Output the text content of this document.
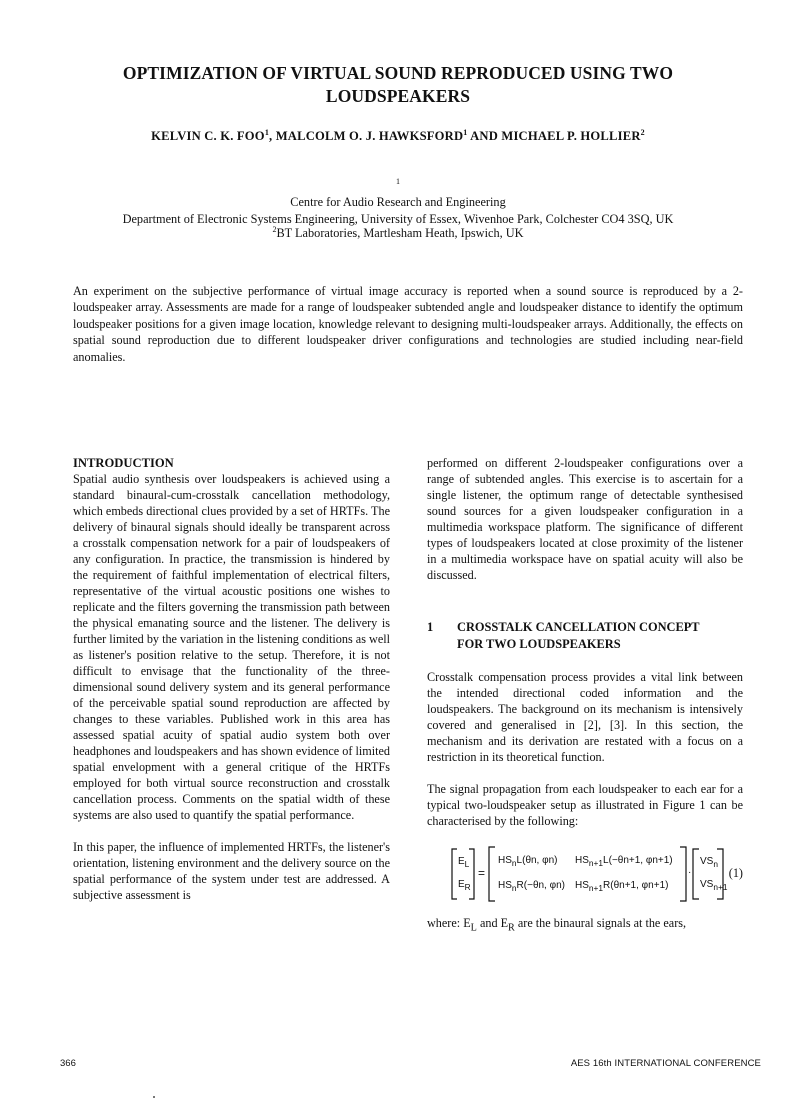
OPTIMIZATION OF VIRTUAL SOUND REPRODUCED USING TWO
LOUDSPEAKERS
KELVIN C. K. FOO$^1$, MALCOLM O. J. HAWKSFORD$^1$ AND MICHAEL P. HOLLIER$^2$
$^1$
Centre for Audio Research and Engineering
Department of Electronic Systems Engineering, University of Essex, Wivenhoe Park, Colchester CO4 3SQ, UK
$^2$BT Laboratories, Martlesham Heath, Ipswich, UK

An experiment on the subjective performance of virtual image accuracy is reported when a sound source is reproduced by a 2-loudspeaker array. Assessments are made for a range of loudspeaker subtended angle and loudspeaker distance to identify the optimum loudspeaker positions for a given image location, knowledge relevant to designing multi-loudspeaker arrays. Additionally, the effects on spatial sound reproduction due to different loudspeaker driver configurations and technologies are studied including near-field anomalies.

INTRODUCTION

Spatial audio synthesis over loudspeakers is achieved using a standard binaural-cum-crosstalk cancellation methodology, which embeds directional clues provided by a set of HRTFs. The delivery of binaural signals should ideally be transparent across a crosstalk compensation network for a pair of loudspeakers of any configuration. In practice, the transmission is hindered by the requirement of faithful implementation of electrical filters, representative of the virtual acoustic positions one wishes to replicate and the filters governing the transmission path between the physical emanating source and the listener. The delivery is further limited by the variation in the listening conditions as well as listener's position relative to the setup. Therefore, it is not difficult to envisage that the functionality of the three-dimensional sound delivery system and its general performance of the perceivable spatial sound reproduction are affected by changes to these variables. Published work in this area has assessed spatial acuity of spatial audio system both over headphones and loudspeakers and has shown evidence of limited spatial envelopment with a general critique of the HRTFs employed for both virtual source reconstruction and crosstalk cancellation process. Comments on the spatial width of these systems are also used to quantify the spatial performance.

In this paper, the influence of implemented HRTFs, the listener's orientation, listening environment and the delivery source on the spatial performance of the system under test are addressed. A subjective assessment is

performed on different 2-loudspeaker configurations over a range of subtended angles. This exercise is to ascertain for a single listener, the optimum range of detectable synthesised sound sources for a given loudspeaker configuration in a multimedia workspace platform. The significance of different types of loudspeakers located at close proximity of the listener in a multimedia workspace have on spatial acuity will also be discussed.

1	CROSSTALK CANCELLATION CONCEPT
FOR TWO LOUDSPEAKERS

Crosstalk compensation process provides a vital link between the intended directional coded information and the loudspeakers. The background on its mechanism is intensively covered and generalised in [2], [3]. In this section, the mechanism and its derivation are restated with a focus on a restriction in its theoretical function.

The signal propagation from each loudspeaker to each ear for a typical two-loudspeaker setup as illustrated in Figure 1 can be characterised by the following:

$E_L$
$E_R$
=
$HS_nL(\theta n$, φn) $HS_{n+1}L(-\theta n+1$, φn+1)
$HS_nR(-\theta n$, φn) $HS_{n+1}R(\theta n+1$, φn+1)
·
$VS_n$
$VS_{n+1}$
(1)

where: $E_L$ and $E_R$ are the binaural signals at the ears,

366	AES 16th INTERNATIONAL CONFERENCE
